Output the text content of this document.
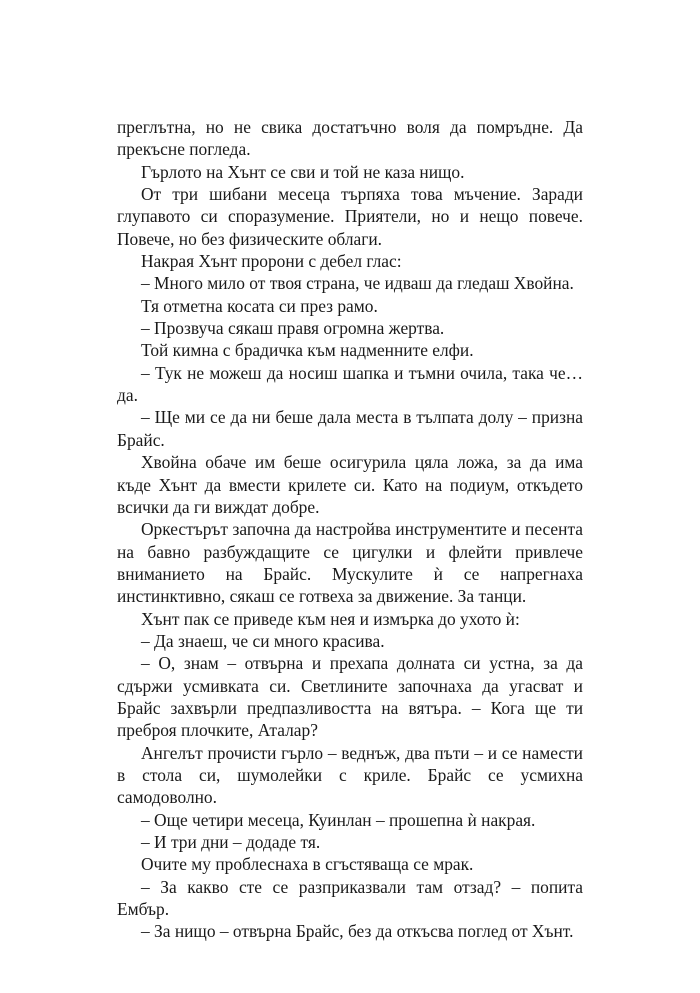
преглътна, но не свика достатъчно воля да помръдне. Да прекъсне погледа.

Гърлото на Хънт се сви и той не каза нищо.

От три шибани месеца търпяха това мъчение. Заради глупавото си споразумение. Приятели, но и нещо повече. Повече, но без физическите облаги.

Накрая Хънт пророни с дебел глас:

– Много мило от твоя страна, че идваш да гледаш Хвойна.

Тя отметна косата си през рамо.

– Прозвуча сякаш правя огромна жертва.

Той кимна с брадичка към надменните елфи.

– Тук не можеш да носиш шапка и тъмни очила, така че… да.

– Ще ми се да ни беше дала места в тълпата долу – призна Брайс.

Хвойна обаче им беше осигурила цяла ложа, за да има къде Хънт да вмести крилете си. Като на подиум, откъдето всички да ги виждат добре.

Оркестърът започна да настройва инструментите и песента на бавно разбуждащите се цигулки и флейти привлече вниманието на Брайс. Мускулите ѝ се напрегнаха инстинктивно, сякаш се готвеха за движение. За танци.

Хънт пак се приведе към нея и измърка до ухото ѝ:

– Да знаеш, че си много красива.

– О, знам – отвърна и прехапа долната си устна, за да сдържи усмивката си. Светлините започнаха да угасват и Брайс захвърли предпазливостта на вятъра. – Кога ще ти преброя плочките, Аталар?

Ангелът прочисти гърло – веднъж, два пъти – и се намести в стола си, шумолейки с криле. Брайс се усмихна самодоволно.

– Още четири месеца, Куинлан – прошепна ѝ накрая.

– И три дни – додаде тя.

Очите му проблеснаха в сгъстяваща се мрак.

– За какво сте се разприказвали там отзад? – попита Ембър.

– За нищо – отвърна Брайс, без да откъсва поглед от Хънт.
